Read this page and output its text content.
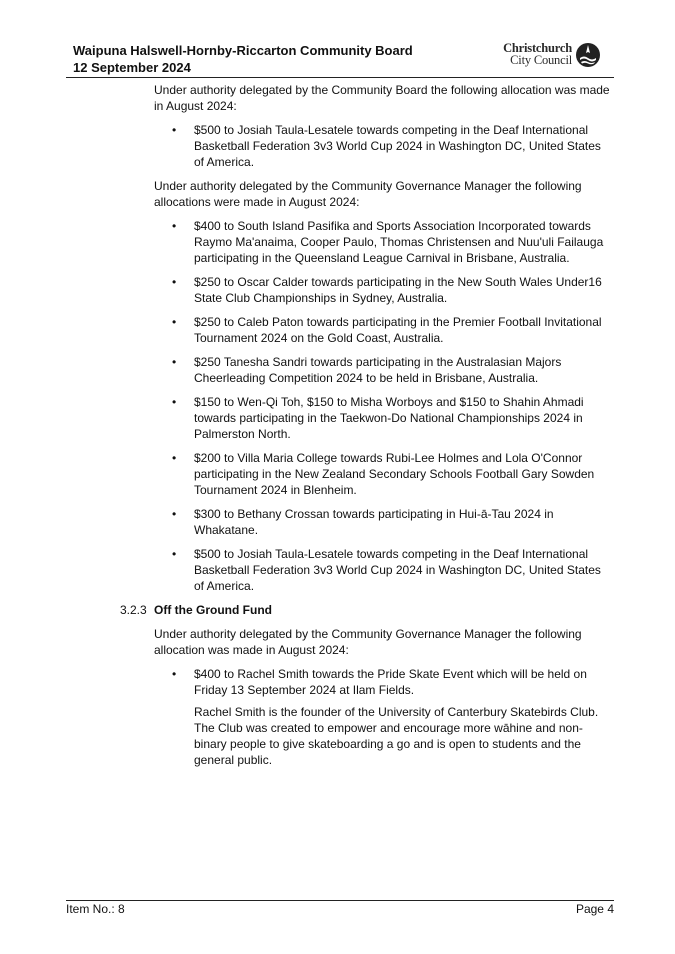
Waipuna Halswell-Hornby-Riccarton Community Board
12 September 2024
Christchurch
City Council

Under authority delegated by the Community Board the following allocation was made in August 2024:

• $500 to Josiah Taula-Lesatele towards competing in the Deaf International Basketball Federation 3v3 World Cup 2024 in Washington DC, United States of America.

Under authority delegated by the Community Governance Manager the following allocations were made in August 2024:

• $400 to South Island Pasifika and Sports Association Incorporated towards Raymo Ma'anaima, Cooper Paulo, Thomas Christensen and Nuu'uli Failauga participating in the Queensland League Carnival in Brisbane, Australia.
• $250 to Oscar Calder towards participating in the New South Wales Under16 State Club Championships in Sydney, Australia.
• $250 to Caleb Paton towards participating in the Premier Football Invitational Tournament 2024 on the Gold Coast, Australia.
• $250 Tanesha Sandri towards participating in the Australasian Majors Cheerleading Competition 2024 to be held in Brisbane, Australia.
• $150 to Wen-Qi Toh, $150 to Misha Worboys and $150 to Shahin Ahmadi towards participating in the Taekwon-Do National Championships 2024 in Palmerston North.
• $200 to Villa Maria College towards Rubi-Lee Holmes and Lola O'Connor participating in the New Zealand Secondary Schools Football Gary Sowden Tournament 2024 in Blenheim.
• $300 to Bethany Crossan towards participating in Hui-ā-Tau 2024 in Whakatane.
• $500 to Josiah Taula-Lesatele towards competing in the Deaf International Basketball Federation 3v3 World Cup 2024 in Washington DC, United States of America.
3.2.3 Off the Ground Fund

Under authority delegated by the Community Governance Manager the following allocation was made in August 2024:

• $400 to Rachel Smith towards the Pride Skate Event which will be held on Friday 13 September 2024 at Ilam Fields.

Rachel Smith is the founder of the University of Canterbury Skatebirds Club. The Club was created to empower and encourage more wāhine and non-binary people to give skateboarding a go and is open to students and the general public.

Item No.: 8	Page 4
